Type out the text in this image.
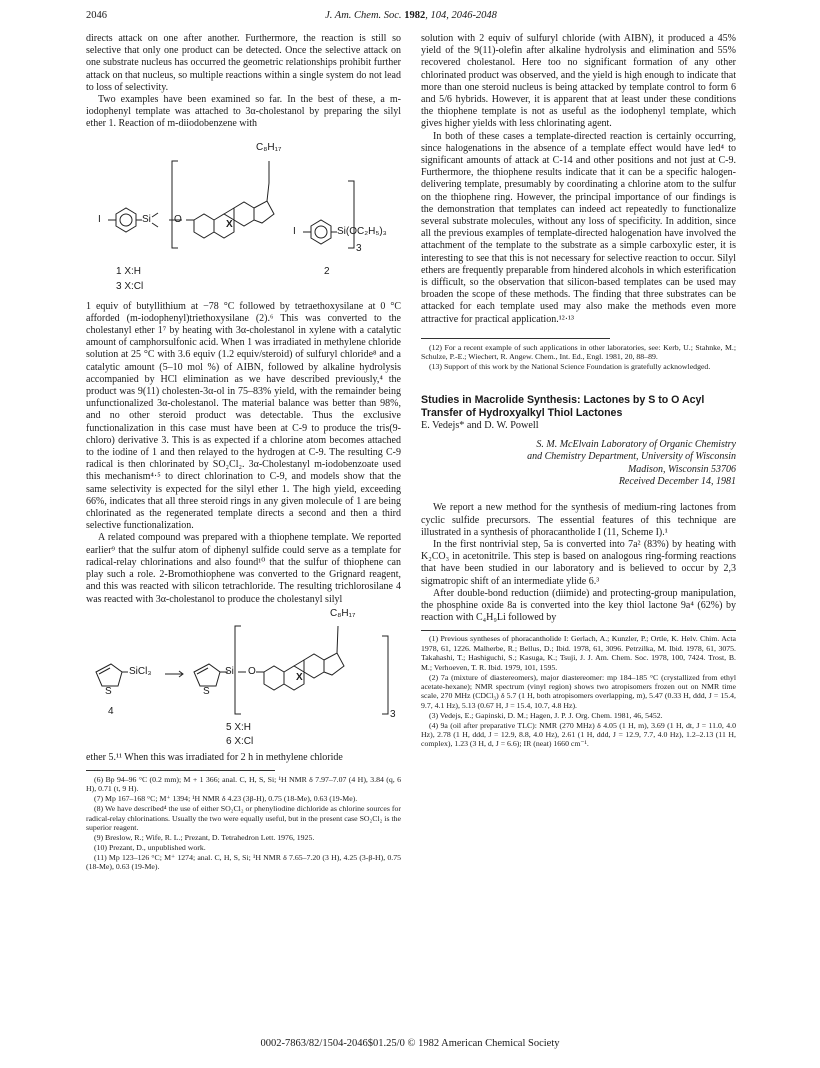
2046	J. Am. Chem. Soc. 1982, 104, 2046-2048

directs attack on one after another. Furthermore, the reaction is still so selective that only one product can be detected. Once the selective attack on one substrate nucleus has occurred the geometric relationships prohibit further attack on that nucleus, so multiple reactions within a single system do not lead to loss of selectivity.

Two examples have been examined so far. In the best of these, a m-iodophenyl template was attached to 3α-cholestanol by preparing the silyl ether 1. Reaction of m-diiodobenzene with

C₈H₁₇
X
I	Si O
3
I	Si(OC₂H₅)₃
1 X:H
3 X:Cl
2

1 equiv of butyllithium at −78 °C followed by tetraethoxysilane at 0 °C afforded (m-iodophenyl)triethoxysilane (2).⁶ This was converted to the cholestanyl ether 1⁷ by heating with 3α-cholestanol in xylene with a catalytic amount of camphorsulfonic acid. When 1 was irradiated in methylene chloride solution at 25 °C with 3.6 equiv (1.2 equiv/steroid) of sulfuryl chloride⁸ and a catalytic amount (5–10 mol %) of AIBN, followed by alkaline hydrolysis accompanied by HCl elimination as we have described previously,⁴ the product was 9(11) cholesten-3α-ol in 75–83% yield, with the remainder being unfunctionalized 3α-cholestanol. The material balance was better than 98%, and no other steroid product was detectable. Thus the exclusive functionalization in this case must have been at C-9 to produce the tris(9-chloro) derivative 3. This is as expected if a chlorine atom becomes attached to the iodine of 1 and then relayed to the hydrogen at C-9. The resulting C-9 radical is then chlorinated by SO₂Cl₂. 3α-Cholestanyl m-iodobenzoate used this mechanism⁴·⁵ to direct chlorination to C-9, and models show that the same selectivity is expected for the silyl ether 1. The high yield, exceeding 66%, indicates that all three steroid rings in any given molecule of 1 are being chlorinated as the regenerated template directs a second and then a third selective functionalization.

A related compound was prepared with a thiophene template. We reported earlier⁹ that the sulfur atom of diphenyl sulfide could serve as a template for radical-relay chlorinations and also found¹⁰ that the sulfur of thiophene can play such a role. 2-Bromothiophene was converted to the Grignard reagent, and this was reacted with silicon tetrachloride. The resulting trichlorosilane 4 was reacted with 3α-cholestanol to produce the cholestanyl silyl

C₈H₁₇
SiCl₃
S	S
Si O
X
3
4
5 X:H
6 X:Cl

ether 5.¹¹ When this was irradiated for 2 h in methylene chloride

(6) Bp 94–96 °C (0.2 mm); M + 1 366; anal. C, H, S, Si; ¹H NMR δ 7.97–7.07 (4 H), 3.84 (q, 6 H), 0.71 (t, 9 H).

(7) Mp 167–168 °C; M⁺ 1394; ¹H NMR δ 4.23 (3β-H), 0.75 (18-Me), 0.63 (19-Me).

(8) We have described⁴ the use of either SO₂Cl₂ or phenyliodine dichloride as chlorine sources for radical-relay chlorinations. Usually the two were equally useful, but in the present case SO₂Cl₂ is the superior reagent.

(9) Breslow, R.; Wife, R. L.; Prezant, D. Tetrahedron Lett. 1976, 1925.

(10) Prezant, D., unpublished work.

(11) Mp 123–126 °C; M⁺ 1274; anal. C, H, S, Si; ¹H NMR δ 7.65–7.20 (3 H), 4.25 (3-β-H), 0.75 (18-Me), 0.63 (19-Me).

solution with 2 equiv of sulfuryl chloride (with AIBN), it produced a 45% yield of the 9(11)-olefin after alkaline hydrolysis and elimination and 55% recovered cholestanol. Here too no significant formation of any other chlorinated product was observed, and the yield is high enough to indicate that more than one steroid nucleus is being attacked by template control to form 6 and 5/6 hybrids. However, it is apparent that at least under these conditions the thiophene template is not as useful as the iodophenyl template, which gives higher yields with less chlorinating agent.

In both of these cases a template-directed reaction is certainly occurring, since halogenations in the absence of a template effect would have led⁴ to significant amounts of attack at C-14 and other positions and not just at C-9. Furthermore, the thiophene results indicate that it can be a specific halogen-delivering template, presumably by coordinating a chlorine atom to the sulfur on the thiophene ring. However, the principal importance of our findings is the demonstration that templates can indeed act repeatedly to functionalize several substrate molecules, without any loss of specificity. In addition, since all the previous examples of template-directed halogenation have involved the attachment of the template to the substrate as a simple carboxylic ester, it is interesting to see that this is not necessary for selective reaction to occur. Silyl ethers are frequently preparable from hindered alcohols in which esterification is difficult, so the observation that silicon-based templates can be used may broaden the scope of these methods. The finding that three substrates can be attacked for each template used may also make the methods even more attractive for practical application.¹²·¹³

(12) For a recent example of such applications in other laboratories, see: Kerb, U.; Stahnke, M.; Schulze, P.-E.; Wiechert, R. Angew. Chem., Int. Ed., Engl. 1981, 20, 88–89.

(13) Support of this work by the National Science Foundation is gratefully acknowledged.

Studies in Macrolide Synthesis: Lactones by S to O Acyl Transfer of Hydroxyalkyl Thiol Lactones

E. Vedejs* and D. W. Powell

S. M. McElvain Laboratory of Organic Chemistry
and Chemistry Department, University of Wisconsin
Madison, Wisconsin 53706
Received December 14, 1981

We report a new method for the synthesis of medium-ring lactones from cyclic sulfide precursors. The essential features of this technique are illustrated in a synthesis of phoracantholide I (11, Scheme I).¹

In the first nontrivial step, 5a is converted into 7a² (83%) by heating with K₂CO₃ in acetonitrile. This step is based on analogous ring-forming reactions that have been studied in our laboratory and is believed to occur by 2,3 sigmatropic shift of an intermediate ylide 6.³

After double-bond reduction (diimide) and protecting-group manipulation, the phosphine oxide 8a is converted into the key thiol lactone 9a⁴ (62%) by reaction with C₄H₉Li followed by

(1) Previous syntheses of phoracantholide I: Gerlach, A.; Kunzler, P.; Ortle, K. Helv. Chim. Acta 1978, 61, 1226. Malherbe, R.; Bellus, D.; Ibid. 1978, 61, 3096. Petrzilka, M. Ibid. 1978, 61, 3075. Takahashi, T.; Hashiguchi, S.; Kasuga, K.; Tsuji, J. J. Am. Chem. Soc. 1978, 100, 7424. Trost, B. M.; Verhoeven, T. R. Ibid. 1979, 101, 1595.

(2) 7a (mixture of diastereomers), major diastereomer: mp 184–185 °C (crystallized from ethyl acetate-hexane); NMR spectrum (vinyl region) shows two atropisomers frozen out on NMR time scale, 270 MHz (CDCl₃) δ 5.7 (1 H, both atropisomers overlapping, m), 5.47 (0.33 H, ddd, J = 15.4, 9.7, 4.1 Hz), 5.13 (0.67 H, J = 15.4, 10.7, 4.8 Hz).

(3) Vedejs, E.; Gapinski, D. M.; Hagen, J. P. J. Org. Chem. 1981, 46, 5452.

(4) 9a (oil after preparative TLC): NMR (270 MHz) δ 4.05 (1 H, m), 3.69 (1 H, dt, J = 11.0, 4.0 Hz), 2.78 (1 H, ddd, J = 12.9, 8.8, 4.0 Hz), 2.61 (1 H, ddd, J = 12.9, 7.7, 4.0 Hz), 1.2–2.13 (11 H, complex), 1.23 (3 H, d, J = 6.6); IR (neat) 1660 cm⁻¹.

0002-7863/82/1504-2046$01.25/0 © 1982 American Chemical Society
